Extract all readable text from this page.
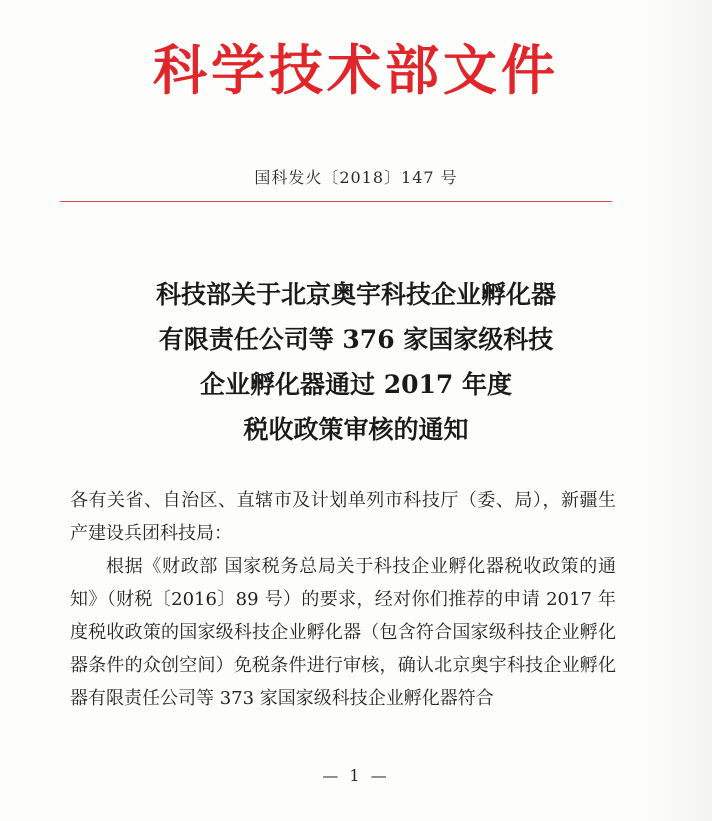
科学技术部文件
国科发火〔2018〕147 号
科技部关于北京奥宇科技企业孵化器
有限责任公司等 376 家国家级科技
企业孵化器通过 2017 年度
税收政策审核的通知

各有关省、自治区、直辖市及计划单列市科技厅（委、局），新疆生产建设兵团科技局：

根据《财政部 国家税务总局关于科技企业孵化器税收政策的通知》（财税〔2016〕89 号）的要求，经对你们推荐的申请 2017 年度税收政策的国家级科技企业孵化器（包含符合国家级科技企业孵化器条件的众创空间）免税条件进行审核，确认北京奥宇科技企业孵化器有限责任公司等 373 家国家级科技企业孵化器符合

— 1 —
